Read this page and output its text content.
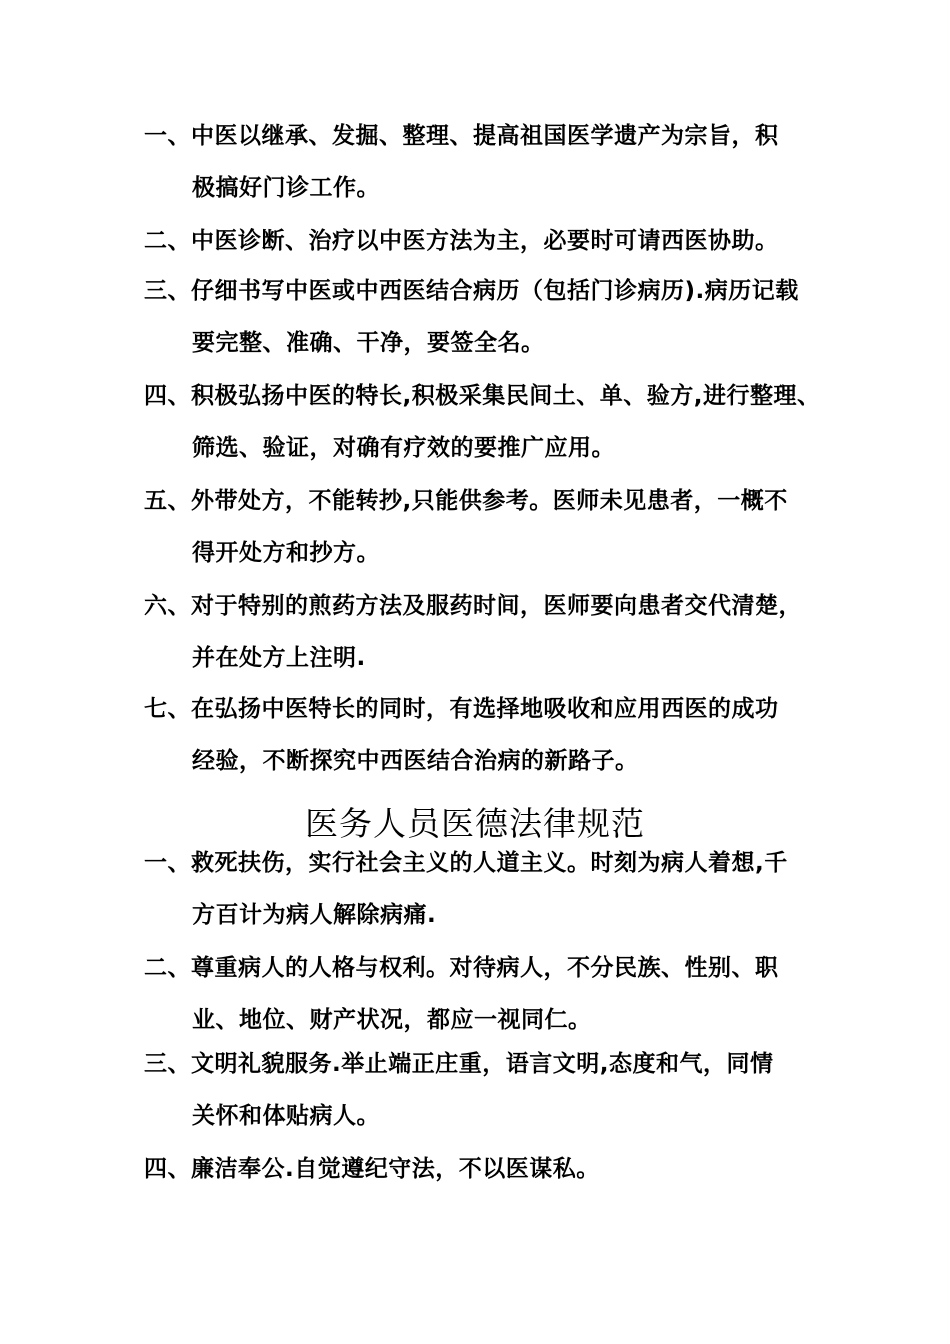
一、中医以继承、发掘、整理、提高祖国医学遗产为宗旨，积
极搞好门诊工作。
二、中医诊断、治疗以中医方法为主，必要时可请西医协助。
三、仔细书写中医或中西医结合病历（包括门诊病历).病历记载
要完整、准确、干净，要签全名。
四、积极弘扬中医的特长,积极采集民间土、单、验方,进行整理、
筛选、验证，对确有疗效的要推广应用。
五、外带处方，不能转抄,只能供参考。医师未见患者，一概不
得开处方和抄方。
六、对于特别的煎药方法及服药时间，医师要向患者交代清楚，
并在处方上注明.
七、在弘扬中医特长的同时，有选择地吸收和应用西医的成功
经验，不断探究中西医结合治病的新路子。
医务人员医德法律规范
一、救死扶伤，实行社会主义的人道主义。时刻为病人着想,千
方百计为病人解除病痛.
二、尊重病人的人格与权利。对待病人，不分民族、性别、职
业、地位、财产状况，都应一视同仁。
三、文明礼貌服务.举止端正庄重，语言文明,态度和气，同情
关怀和体贴病人。
四、廉洁奉公.自觉遵纪守法，不以医谋私。
